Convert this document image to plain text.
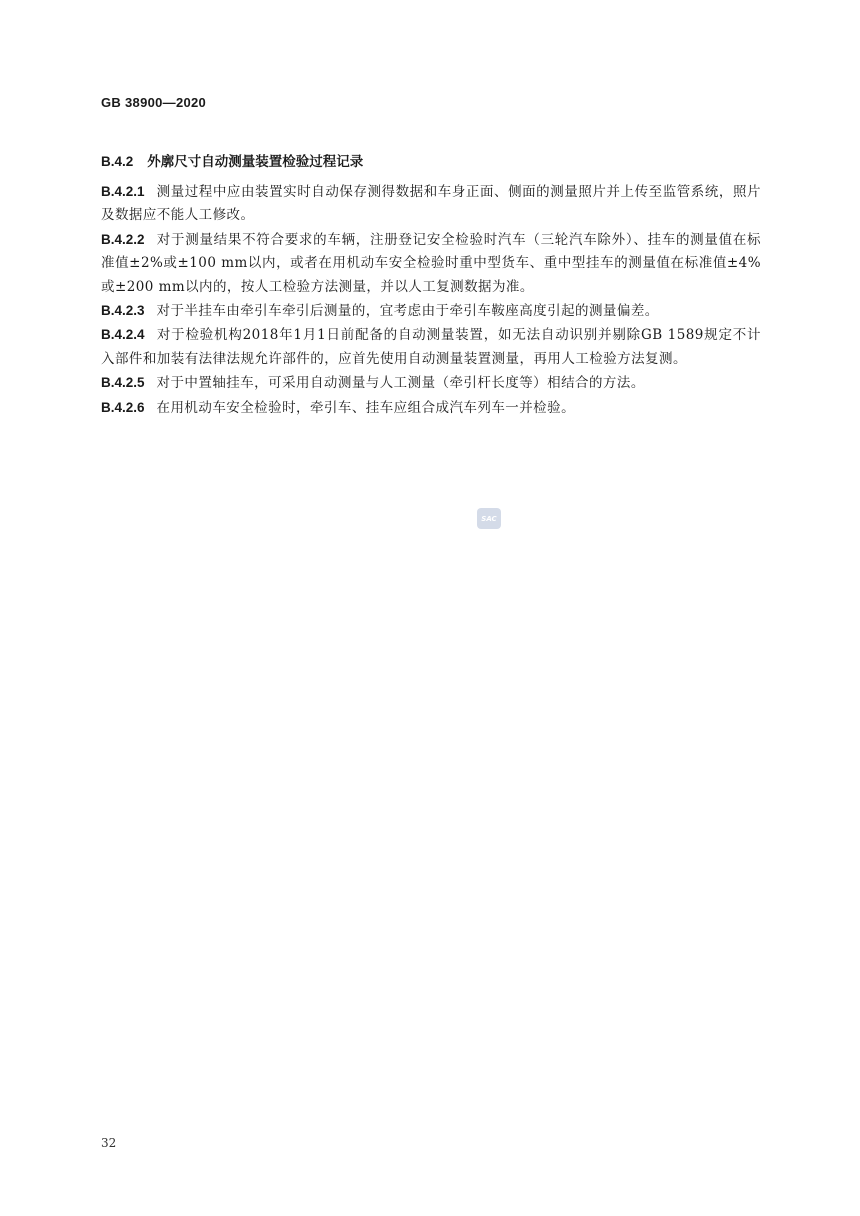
GB 38900—2020
B.4.2 外廓尺寸自动测量装置检验过程记录

B.4.2.1 测量过程中应由装置实时自动保存测得数据和车身正面、侧面的测量照片并上传至监管系统，照片及数据应不能人工修改。

B.4.2.2 对于测量结果不符合要求的车辆，注册登记安全检验时汽车（三轮汽车除外）、挂车的测量值在标准值±2%或±100 mm以内，或者在用机动车安全检验时重中型货车、重中型挂车的测量值在标准值±4%或±200 mm以内的，按人工检验方法测量，并以人工复测数据为准。

B.4.2.3 对于半挂车由牵引车牵引后测量的，宜考虑由于牵引车鞍座高度引起的测量偏差。

B.4.2.4 对于检验机构2018年1月1日前配备的自动测量装置，如无法自动识别并剔除GB 1589规定不计入部件和加装有法律法规允许部件的，应首先使用自动测量装置测量，再用人工检验方法复测。

B.4.2.5 对于中置轴挂车，可采用自动测量与人工测量（牵引杆长度等）相结合的方法。

B.4.2.6 在用机动车安全检验时，牵引车、挂车应组合成汽车列车一并检验。

SAC
32
